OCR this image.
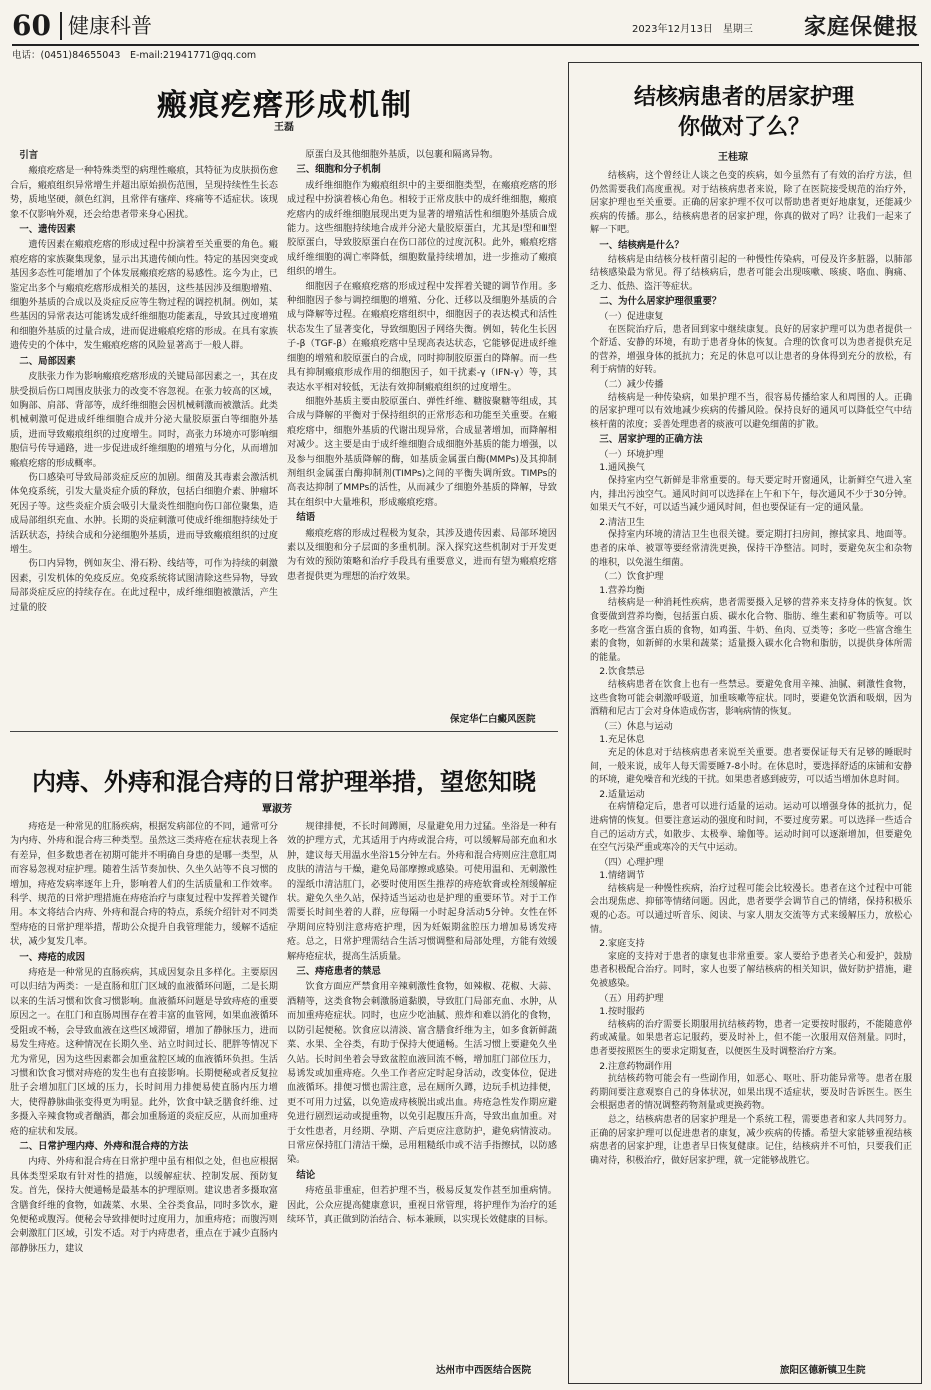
60 健康科普	2023年12月13日　星期三 家庭保健报
电话：(0451)84655043　E-mail:21941771@qq.com
瘢痕疙瘩形成机制
王磊
引言

瘢痕疙瘩是一种特殊类型的病理性瘢痕，其特征为皮肤损伤愈合后，瘢痕组织异常增生并超出原始损伤范围，呈现持续性生长态势，质地坚硬，颜色红润，且常伴有瘙痒、疼痛等不适症状。该现象不仅影响外观，还会给患者带来身心困扰。

一、遗传因素

遗传因素在瘢痕疙瘩的形成过程中扮演着至关重要的角色。瘢痕疙瘩的家族聚集现象，显示出其遗传倾向性。特定的基因突变或基因多态性可能增加了个体发展瘢痕疙瘩的易感性。迄今为止，已鉴定出多个与瘢痕疙瘩形成相关的基因，这些基因涉及细胞增殖、细胞外基质的合成以及炎症反应等生物过程的调控机制。例如，某些基因的异常表达可能诱发成纤维细胞功能紊乱，导致其过度增殖和细胞外基质的过量合成，进而促进瘢痕疙瘩的形成。在具有家族遗传史的个体中，发生瘢痕疙瘩的风险显著高于一般人群。

二、局部因素

皮肤张力作为影响瘢痕疙瘩形成的关键局部因素之一，其在皮肤受损后伤口周围皮肤张力的改变不容忽视。在张力较高的区域，如胸部、肩部、背部等，成纤维细胞会因机械刺激而被激活。此类机械刺激可促进成纤维细胞合成并分泌大量胶原蛋白等细胞外基质，进而导致瘢痕组织的过度增生。同时，高张力环境亦可影响细胞信号传导通路，进一步促进成纤维细胞的增殖与分化，从而增加瘢痕疙瘩的形成概率。

伤口感染可导致局部炎症反应的加剧。细菌及其毒素会激活机体免疫系统，引发大量炎症介质的释放，包括白细胞介素、肿瘤坏死因子等。这些炎症介质会吸引大量炎性细胞向伤口部位聚集，造成局部组织充血、水肿。长期的炎症刺激可使成纤维细胞持续处于活跃状态，持续合成和分泌细胞外基质，进而导致瘢痕组织的过度增生。

伤口内异物，例如灰尘、滑石粉、线结等，可作为持续的刺激因素，引发机体的免疫反应。免疫系统将试图清除这些异物，导致局部炎症反应的持续存在。在此过程中，成纤维细胞被激活，产生过量的胶

原蛋白及其他细胞外基质，以包裹和隔离异物。

三、细胞和分子机制

成纤维细胞作为瘢痕组织中的主要细胞类型，在瘢痕疙瘩的形成过程中扮演着核心角色。相较于正常皮肤中的成纤维细胞，瘢痕疙瘩内的成纤维细胞展现出更为显著的增殖活性和细胞外基质合成能力。这些细胞持续地合成并分泌大量胶原蛋白，尤其是Ⅰ型和Ⅲ型胶原蛋白，导致胶原蛋白在伤口部位的过度沉积。此外，瘢痕疙瘩成纤维细胞的凋亡率降低，细胞数量持续增加，进一步推动了瘢痕组织的增生。

细胞因子在瘢痕疙瘩的形成过程中发挥着关键的调节作用。多种细胞因子参与调控细胞的增殖、分化、迁移以及细胞外基质的合成与降解等过程。在瘢痕疙瘩组织中，细胞因子的表达模式和活性状态发生了显著变化，导致细胞因子网络失衡。例如，转化生长因子-β（TGF-β）在瘢痕疙瘩中呈现高表达状态，它能够促进成纤维细胞的增殖和胶原蛋白的合成，同时抑制胶原蛋白的降解。而一些具有抑制瘢痕形成作用的细胞因子，如干扰素-γ（IFN-γ）等，其表达水平相对较低，无法有效抑制瘢痕组织的过度增生。

细胞外基质主要由胶原蛋白、弹性纤维、糖胺聚糖等组成，其合成与降解的平衡对于保持组织的正常形态和功能至关重要。在瘢痕疙瘩中，细胞外基质的代谢出现异常，合成显著增加，而降解相对减少。这主要是由于成纤维细胞合成细胞外基质的能力增强，以及参与细胞外基质降解的酶，如基质金属蛋白酶(MMPs)及其抑制剂组织金属蛋白酶抑制剂(TIMPs)之间的平衡失调所致。TIMPs的高表达抑制了MMPs的活性，从而减少了细胞外基质的降解，导致其在组织中大量堆积，形成瘢痕疙瘩。

结语

瘢痕疙瘩的形成过程极为复杂，其涉及遗传因素、局部环境因素以及细胞和分子层面的多重机制。深入探究这些机制对于开发更为有效的预防策略和治疗手段具有重要意义，进而有望为瘢痕疙瘩患者提供更为理想的治疗效果。

保定华仁白癜风医院
内痔、外痔和混合痔的日常护理举措，望您知晓
覃淑芳

痔疮是一种常见的肛肠疾病，根据发病部位的不同，通常可分为内痔、外痔和混合痔三种类型。虽然这三类痔疮在症状表现上各有差异，但多数患者在初期可能并不明确自身患的是哪一类型，从而容易忽视对症护理。随着生活节奏加快、久坐久站等不良习惯的增加，痔疮发病率逐年上升，影响着人们的生活质量和工作效率。科学、规范的日常护理措施在痔疮治疗与康复过程中发挥着关键作用。本文将结合内痔、外痔和混合痔的特点，系统介绍针对不同类型痔疮的日常护理举措，帮助公众提升自我管理能力，缓解不适症状，减少复发几率。

一、痔疮的成因

痔疮是一种常见的直肠疾病，其成因复杂且多样化。主要原因可以归结为两类：一是直肠和肛门区域的血液循环问题，二是长期以来的生活习惯和饮食习惯影响。血液循环问题是导致痔疮的重要原因之一。在肛门和直肠周围存在着丰富的血管网，如果血液循环受阻或不畅，会导致血液在这些区域滞留，增加了静脉压力，进而易发生痔疮。这种情况在长期久坐、站立时间过长、肥胖等情况下尤为常见，因为这些因素都会加重盆腔区域的血液循环负担。生活习惯和饮食习惯对痔疮的发生也有直接影响。长期便秘或者反复拉肚子会增加肛门区域的压力，长时间用力排便易使直肠内压力增大，使得静脉曲张变得更为明显。此外，饮食中缺乏膳食纤维、过多摄入辛辣食物或者酗酒，都会加重肠道的炎症反应，从而加重痔疮的症状和发展。

二、日常护理内痔、外痔和混合痔的方法

内痔、外痔和混合痔在日常护理中虽有相似之处，但也应根据具体类型采取有针对性的措施，以缓解症状、控制发展、预防复发。首先，保持大便通畅是最基本的护理原则。建议患者多摄取富含膳食纤维的食物，如蔬菜、水果、全谷类食品，同时多饮水，避免便秘或腹泻。便秘会导致排便时过度用力，加重痔疮；而腹泻则会刺激肛门区域，引发不适。对于内痔患者，重点在于减少直肠内部静脉压力，建议

规律排便，不长时间蹲厕，尽量避免用力过猛。坐浴是一种有效的护理方式，尤其适用于内痔或混合痔，可以缓解局部充血和水肿，建议每天用温水坐浴15分钟左右。外痔和混合痔则应注意肛周皮肤的清洁与干燥，避免局部摩擦或感染。可使用温和、无刺激性的湿纸巾清洁肛门，必要时使用医生推荐的痔疮软膏或栓剂缓解症状。避免久坐久站，保持适当运动也是护理的重要环节。对于工作需要长时间坐着的人群，应每隔一小时起身活动5分钟。女性在怀孕期间应特别注意痔疮护理，因为妊娠期盆腔压力增加易诱发痔疮。总之，日常护理需结合生活习惯调整和局部处理，方能有效缓解痔疮症状，提高生活质量。

三、痔疮患者的禁忌

饮食方面应严禁食用辛辣刺激性食物，如辣椒、花椒、大蒜、酒精等，这类食物会刺激肠道黏膜，导致肛门局部充血、水肿，从而加重痔疮症状。同时，也应少吃油腻、煎炸和难以消化的食物，以防引起便秘。饮食应以清淡、富含膳食纤维为主，如多食新鲜蔬菜、水果、全谷类，有助于保持大便通畅。生活习惯上要避免久坐久站。长时间坐着会导致盆腔血液回流不畅，增加肛门部位压力，易诱发或加重痔疮。久坐工作者应定时起身活动，改变体位，促进血液循环。排便习惯也需注意，忌在厕所久蹲，边玩手机边排便，更不可用力过猛，以免造成痔核脱出或出血。痔疮急性发作期应避免进行剧烈运动或提重物，以免引起腹压升高，导致出血加重。对于女性患者，月经期、孕期、产后更应注意防护，避免病情波动。日常应保持肛门清洁干燥，忌用粗糙纸巾或不洁手指擦拭，以防感染。

结论

痔疮虽非重症，但若护理不当，极易反复发作甚至加重病情。因此，公众应提高健康意识，重视日常管理，将护理作为治疗的延续环节，真正做到防治结合、标本兼顾，以实现长效健康的目标。

达州市中西医结合医院
结核病患者的居家护理
你做对了么？
王桂琼

结核病，这个曾经让人谈之色变的疾病，如今虽然有了有效的治疗方法，但仍然需要我们高度重视。对于结核病患者来说，除了在医院接受规范的治疗外，居家护理也至关重要。正确的居家护理不仅可以帮助患者更好地康复，还能减少疾病的传播。那么，结核病患者的居家护理，你真的做对了吗？让我们一起来了解一下吧。

一、结核病是什么？

结核病是由结核分枝杆菌引起的一种慢性传染病，可侵及许多脏器，以肺部结核感染最为常见。得了结核病后，患者可能会出现咳嗽、咳痰、咯血、胸痛、乏力、低热、盗汗等症状。

二、为什么居家护理很重要？
（一）促进康复

在医院治疗后，患者回到家中继续康复。良好的居家护理可以为患者提供一个舒适、安静的环境，有助于患者身体的恢复。合理的饮食可以为患者提供充足的营养，增强身体的抵抗力；充足的休息可以让患者的身体得到充分的放松，有利于病情的好转。

（二）减少传播

结核病是一种传染病，如果护理不当，很容易传播给家人和周围的人。正确的居家护理可以有效地减少疾病的传播风险。保持良好的通风可以降低空气中结核杆菌的浓度；妥善处理患者的痰液可以避免细菌的扩散。

三、居家护理的正确方法
（一）环境护理
1.通风换气

保持室内空气新鲜是非常重要的。每天要定时开窗通风，让新鲜空气进入室内，排出污浊空气。通风时间可以选择在上午和下午，每次通风不少于30分钟。如果天气不好，可以适当减少通风时间，但也要保证有一定的通风量。

2.清洁卫生

保持室内环境的清洁卫生也很关键。要定期打扫房间，擦拭家具、地面等。患者的床单、被罩等要经常清洗更换，保持干净整洁。同时，要避免灰尘和杂物的堆积，以免滋生细菌。

（二）饮食护理
1.营养均衡

结核病是一种消耗性疾病，患者需要摄入足够的营养来支持身体的恢复。饮食要做到营养均衡，包括蛋白质、碳水化合物、脂肪、维生素和矿物质等。可以多吃一些富含蛋白质的食物，如鸡蛋、牛奶、鱼肉、豆类等；多吃一些富含维生素的食物，如新鲜的水果和蔬菜；适量摄入碳水化合物和脂肪，以提供身体所需的能量。

2.饮食禁忌

结核病患者在饮食上也有一些禁忌。要避免食用辛辣、油腻、刺激性食物，这些食物可能会刺激呼吸道，加重咳嗽等症状。同时，要避免饮酒和吸烟，因为酒精和尼古丁会对身体造成伤害，影响病情的恢复。

（三）休息与运动
1.充足休息

充足的休息对于结核病患者来说至关重要。患者要保证每天有足够的睡眠时间，一般来说，成年人每天需要睡7-8小时。在休息时，要选择舒适的床铺和安静的环境，避免噪音和光线的干扰。如果患者感到疲劳，可以适当增加休息时间。

2.适量运动

在病情稳定后，患者可以进行适量的运动。运动可以增强身体的抵抗力，促进病情的恢复。但要注意运动的强度和时间，不要过度劳累。可以选择一些适合自己的运动方式，如散步、太极拳、瑜伽等。运动时间可以逐渐增加，但要避免在空气污染严重或寒冷的天气中运动。

（四）心理护理
1.情绪调节

结核病是一种慢性疾病，治疗过程可能会比较漫长。患者在这个过程中可能会出现焦虑、抑郁等情绪问题。因此，患者要学会调节自己的情绪，保持积极乐观的心态。可以通过听音乐、阅读、与家人朋友交流等方式来缓解压力，放松心情。

2.家庭支持

家庭的支持对于患者的康复也非常重要。家人要给予患者关心和爱护，鼓励患者积极配合治疗。同时，家人也要了解结核病的相关知识，做好防护措施，避免被感染。

（五）用药护理
1.按时服药

结核病的治疗需要长期服用抗结核药物，患者一定要按时服药，不能随意停药或减量。如果患者忘记服药，要及时补上，但不能一次服用双倍剂量。同时，患者要按照医生的要求定期复查，以便医生及时调整治疗方案。

2.注意药物副作用

抗结核药物可能会有一些副作用，如恶心、呕吐、肝功能异常等。患者在服药期间要注意观察自己的身体状况，如果出现不适症状，要及时告诉医生。医生会根据患者的情况调整药物剂量或更换药物。

总之，结核病患者的居家护理是一个系统工程，需要患者和家人共同努力。正确的居家护理可以促进患者的康复，减少疾病的传播。希望大家能够重视结核病患者的居家护理，让患者早日恢复健康。记住，结核病并不可怕，只要我们正确对待，积极治疗，做好居家护理，就一定能够战胜它。

旅阳区德新镇卫生院
